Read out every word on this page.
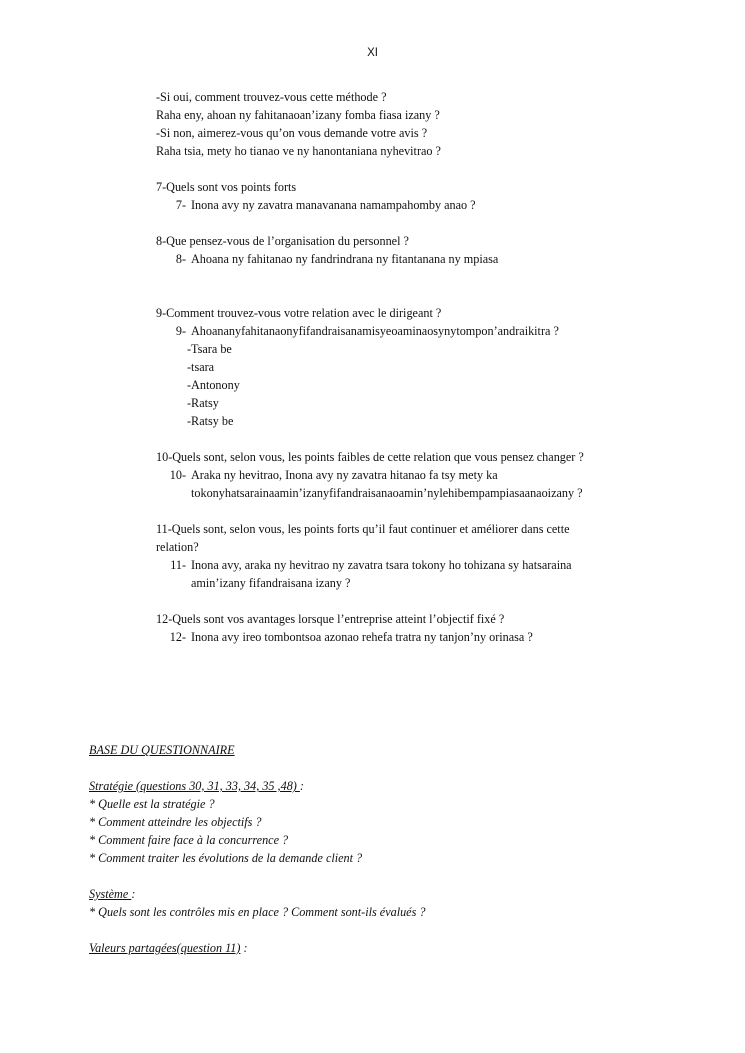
XI
-Si oui, comment trouvez-vous cette méthode ?
Raha eny, ahoan ny fahitanaoan’izany fomba fiasa izany ?
-Si non, aimerez-vous qu’on vous demande votre avis ?
Raha tsia, mety ho tianao ve ny hanontaniana nyhevitrao ?
7-Quels sont vos points forts
7- Inona avy ny zavatra manavanana namampahomby anao ?
8-Que pensez-vous de l’organisation du personnel ?
8- Ahoana ny fahitanao ny fandrindrana ny fitantanana ny mpiasa
9-Comment trouvez-vous votre relation avec le dirigeant ?
9- Ahoananyfahitanaonyfifandraisanamisyeoaminaosynytompon’andraikitra ?
-Tsara be
-tsara
-Antonony
-Ratsy
-Ratsy be
10-Quels sont, selon vous, les points faibles de cette relation que vous pensez changer ?
10- Araka ny hevitrao, Inona avy ny zavatra hitanao fa tsy mety ka
tokonyhatsarainaamin’izanyfifandraisanaoamin’nylehibempampiasaanaoizany ?
11-Quels sont, selon vous, les points forts qu’il faut continuer et améliorer dans cette
relation?
11- Inona avy, araka ny hevitrao ny zavatra tsara tokony ho tohizana sy hatsaraina
amin’izany fifandraisana izany ?
12-Quels sont vos avantages lorsque l’entreprise atteint l’objectif fixé ?
12- Inona avy ireo tombontsoa azonao rehefa tratra ny tanjon’ny orinasa ?
BASE DU QUESTIONNAIRE
Stratégie (questions 30, 31, 33, 34, 35 ,48) :
* Quelle est la stratégie ?
* Comment atteindre les objectifs ?
* Comment faire face à la concurrence ?
* Comment traiter les évolutions de la demande client ?
Système :
* Quels sont les contrôles mis en place ? Comment sont-ils évalués ?
Valeurs partagées(question 11) :
